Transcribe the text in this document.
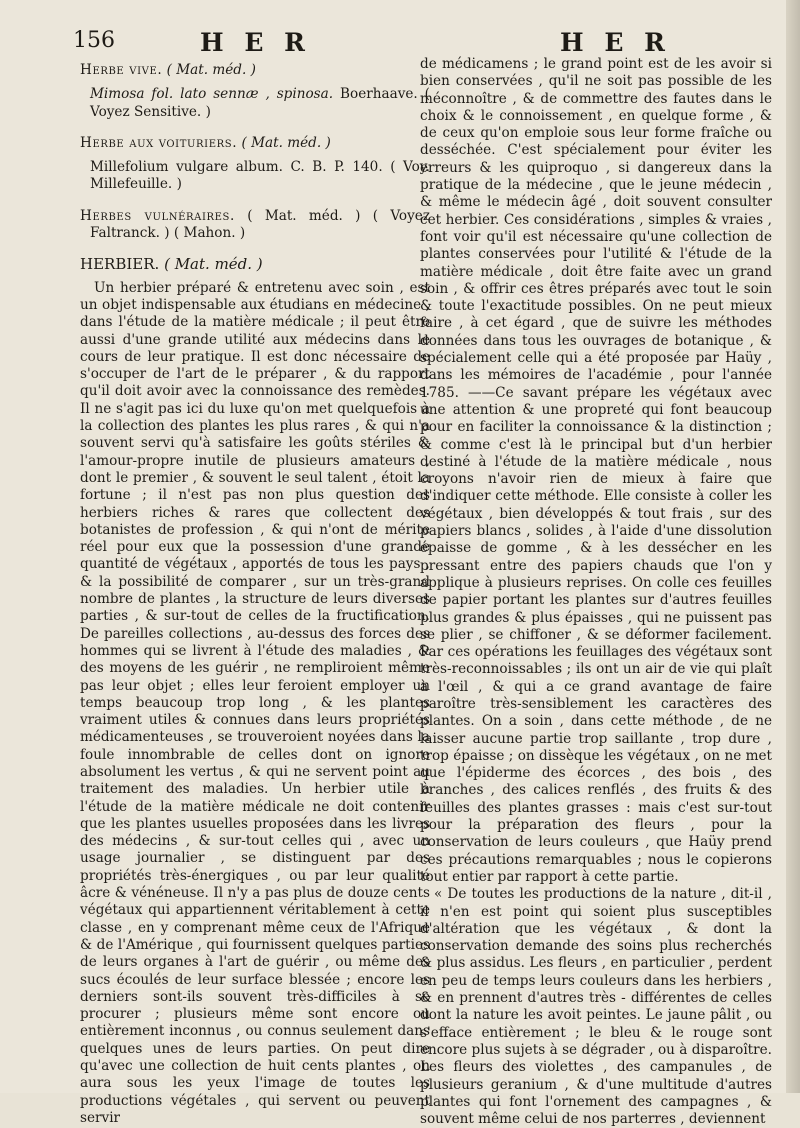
156	H E R	H E R
Herbe vive. ( Mat. méd. )
Mimosa fol. lato sennæ , spinosa. Boerhaave. ( Voyez Sensitive. )
Herbe aux voituriers. ( Mat. méd. )
Millefolium vulgare album. C. B. P. 140. ( Voy. Millefeuille. )
Herbes vulnéraires. ( Mat. méd. ) ( Voyez Faltranck. ) ( Mahon. )
HERBIER. ( Mat. méd. )

Un herbier préparé & entretenu avec soin , est un objet indispensable aux étudians en médecine , dans l'étude de la matière médicale ; il peut être aussi d'une grande utilité aux médecins dans le cours de leur pratique. Il est donc nécessaire de s'occuper de l'art de le préparer , & du rapport qu'il doit avoir avec la connoissance des remèdes. Il ne s'agit pas ici du luxe qu'on met quelquefois à la collection des plantes les plus rares , & qui n'a souvent servi qu'à satisfaire les goûts stériles & l'amour-propre inutile de plusieurs amateurs , dont le premier , & souvent le seul talent , étoit la fortune ; il n'est pas non plus question des herbiers riches & rares que collectent des botanistes de profession , & qui n'ont de mérite réel pour eux que la possession d'une grande quantité de végétaux , apportés de tous les pays , & la possibilité de comparer , sur un très-grand nombre de plantes , la structure de leurs diverses parties , & sur-tout de celles de la fructification. De pareilles collections , au-dessus des forces des hommes qui se livrent à l'étude des maladies , & des moyens de les guérir , ne rempliroient même pas leur objet ; elles leur feroient employer un temps beaucoup trop long , & les plantes vraiment utiles & connues dans leurs propriétés médicamenteuses , se trouveroient noyées dans la foule innombrable de celles dont on ignore absolument les vertus , & qui ne servent point au traitement des maladies. Un herbier utile à l'étude de la matière médicale ne doit contenir que les plantes usuelles proposées dans les livres des médecins , & sur-tout celles qui , avec un usage journalier , se distinguent par des propriétés très-énergiques , ou par leur qualité âcre & vénéneuse. Il n'y a pas plus de douze cents végétaux qui appartiennent véritablement à cette classe , en y comprenant même ceux de l'Afrique & de l'Amérique , qui fournissent quelques parties de leurs organes à l'art de guérir , ou même des sucs écoulés de leur surface blessée ; encore les derniers sont-ils souvent très-difficiles à se procurer ; plusieurs même sont encore ou entièrement inconnus , ou connus seulement dans quelques unes de leurs parties. On peut dire qu'avec une collection de huit cents plantes , on aura sous les yeux l'image de toutes les productions végétales , qui servent ou peuvent servir

de médicamens ; le grand point est de les avoir si bien conservées , qu'il ne soit pas possible de les méconnoître , & de commettre des fautes dans le choix & le connoissement , en quelque forme , & de ceux qu'on emploie sous leur forme fraîche ou desséchée. C'est spécialement pour éviter les erreurs & les quiproquo , si dangereux dans la pratique de la médecine , que le jeune médecin , & même le médecin âgé , doit souvent consulter cet herbier. Ces considérations , simples & vraies , font voir qu'il est nécessaire qu'une collection de plantes conservées pour l'utilité & l'étude de la matière médicale , doit être faite avec un grand soin , & offrir ces êtres préparés avec tout le soin & toute l'exactitude possibles. On ne peut mieux faire , à cet égard , que de suivre les méthodes données dans tous les ouvrages de botanique , & spécialement celle qui a été proposée par Haüy , dans les mémoires de l'académie , pour l'année 1785. ——Ce savant prépare les végétaux avec une attention & une propreté qui font beaucoup pour en faciliter la connoissance & la distinction ; & comme c'est là le principal but d'un herbier destiné à l'étude de la matière médicale , nous croyons n'avoir rien de mieux à faire que d'indiquer cette méthode. Elle consiste à coller les végétaux , bien développés & tout frais , sur des papiers blancs , solides , à l'aide d'une dissolution épaisse de gomme , & à les dessécher en les pressant entre des papiers chauds que l'on y applique à plusieurs reprises. On colle ces feuilles de papier portant les plantes sur d'autres feuilles plus grandes & plus épaisses , qui ne puissent pas se plier , se chiffoner , & se déformer facilement. Par ces opérations les feuillages des végétaux sont très-reconnoissables ; ils ont un air de vie qui plaît à l'œil , & qui a ce grand avantage de faire paroître très-sensiblement les caractères des plantes. On a soin , dans cette méthode , de ne laisser aucune partie trop saillante , trop dure , trop épaisse ; on dissèque les végétaux , on ne met que l'épiderme des écorces , des bois , des branches , des calices renflés , des fruits & des feuilles des plantes grasses : mais c'est sur-tout pour la préparation des fleurs , pour la conservation de leurs couleurs , que Haüy prend ces précautions remarquables ; nous le copierons tout entier par rapport à cette partie.

« De toutes les productions de la nature , dit-il , il n'en est point qui soient plus susceptibles d'altération que les végétaux , & dont la conservation demande des soins plus recherchés & plus assidus. Les fleurs , en particulier , perdent en peu de temps leurs couleurs dans les herbiers , & en prennent d'autres très - différentes de celles dont la nature les avoit peintes. Le jaune pâlit , ou s'efface entièrement ; le bleu & le rouge sont encore plus sujets à se dégrader , ou à disparoître. Les fleurs des violettes , des campanules , de plusieurs geranium , & d'une multitude d'autres plantes qui font l'ornement des campagnes , & souvent même celui de nos parterres , deviennent
